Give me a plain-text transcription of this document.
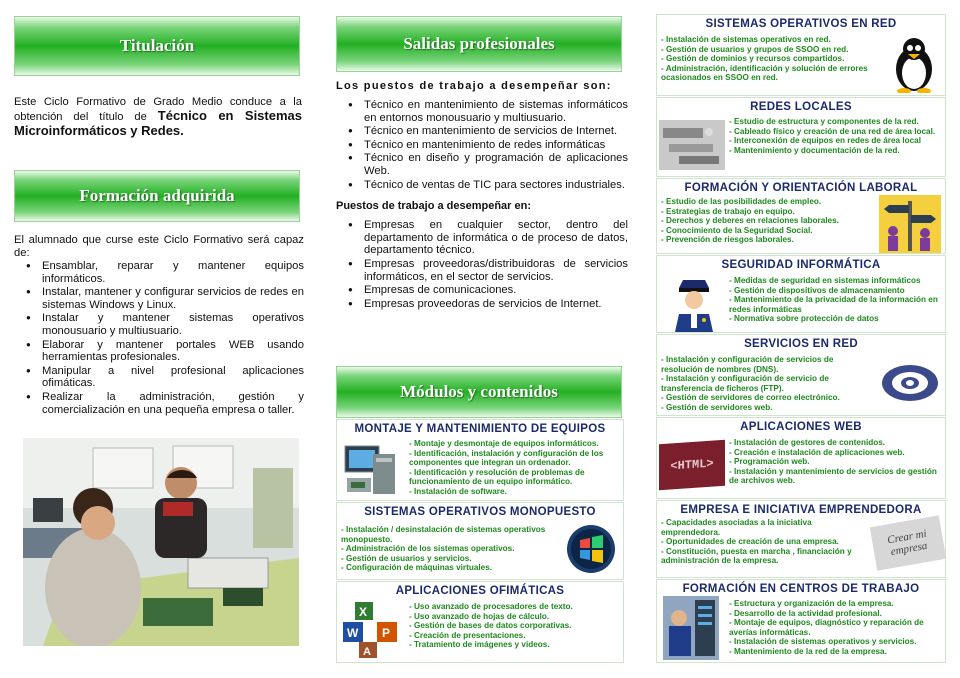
Titulación
Este Ciclo Formativo de Grado Medio conduce a la obtención del título de Técnico en Sistemas Microinformáticos y Redes.
Formación adquirida
El alumnado que curse este Ciclo Formativo será capaz de:
● Ensamblar, reparar y mantener equipos informáticos.
● Instalar, mantener y configurar servicios de redes en sistemas Windows y Linux.
● Instalar y mantener sistemas operativos monousuario y multiusuario.
● Elaborar y mantener portales WEB usando herramientas profesionales.
● Manipular a nivel profesional aplicaciones ofimáticas.
● Realizar la administración, gestión y comercialización en una pequeña empresa o taller.
Salidas profesionales
Los puestos de trabajo a desempeñar son:
● Técnico en mantenimiento de sistemas informáticos en entornos monousuario y multiusuario.
● Técnico en mantenimiento de servicios de Internet.
● Técnico en mantenimiento de redes informáticas
● Técnico en diseño y programación de aplicaciones Web.
● Técnico de ventas de TIC para sectores industriales.
Puestos de trabajo a desempeñar en:
● Empresas en cualquier sector, dentro del departamento de informática o de proceso de datos, departamento técnico.
● Empresas proveedoras/distribuidoras de servicios informáticos, en el sector de servicios.
● Empresas de comunicaciones.
● Empresas proveedoras de servicios de Internet.
Módulos y contenidos
MONTAJE Y MANTENIMIENTO DE EQUIPOS
- Montaje y desmontaje de equipos informáticos.
- Identificación, instalación y configuración de los componentes que integran un ordenador.
- Identificación y resolución de problemas de funcionamiento de un equipo informático.
- Instalación de software.
SISTEMAS OPERATIVOS MONOPUESTO
- Instalación / desinstalación de sistemas operativos monopuesto.
- Administración de los sistemas operativos.
- Gestión de usuarios y servicios.
- Configuración de máquinas virtuales.
APLICACIONES OFIMÁTICAS
- Uso avanzado de procesadores de texto.
- Uso avanzado de hojas de cálculo.
- Gestión de bases de datos corporativas.
- Creación de presentaciones.
- Tratamiento de imágenes y vídeos.
X
W P
A
SISTEMAS OPERATIVOS EN RED
- Instalación de sistemas operativos en red.
- Gestión de usuarios y grupos de SSOO en red.
- Gestión de dominios y recursos compartidos.
- Administración, identificación y solución de errores ocasionados en SSOO en red.
REDES LOCALES
- Estudio de estructura y componentes de la red.
- Cableado físico y creación de una red de área local.
- Interconexión de equipos en redes de área local
- Mantenimiento y documentación de la red.
FORMACIÓN Y ORIENTACIÓN LABORAL
- Estudio de las posibilidades de empleo.
- Estrategias de trabajo en equipo.
- Derechos y deberes en relaciones laborales.
- Conocimiento de la Seguridad Social.
- Prevención de riesgos laborales.
SEGURIDAD INFORMÁTICA
- Medidas de seguridad en sistemas informáticos
- Gestión de dispositivos de almacenamiento
- Mantenimiento de la privacidad de la información en redes informáticas
- Normativa sobre protección de datos
SERVICIOS EN RED
- Instalación y configuración de servicios de resolución de nombres (DNS).
- Instalación y configuración de servicio de transferencia de ficheros (FTP).
- Gestión de servidores de correo electrónico.
- Gestión de servidores web.
APLICACIONES WEB
- Instalación de gestores de contenidos.
- Creación e instalación de aplicaciones web.
- Programación web.
- Instalación y mantenimiento de servicios de gestión de archivos web.
<HTML>
EMPRESA E INICIATIVA EMPRENDEDORA
- Capacidades asociadas a la iniciativa emprendedora.
- Oportunidades de creación de una empresa.
- Constitución, puesta en marcha , financiación y administración de la empresa.
Crear mi empresa
FORMACIÓN EN CENTROS DE TRABAJO
- Estructura y organización de la empresa.
- Desarrollo de la actividad profesional.
- Montaje de equipos, diagnóstico y reparación de averías informáticas.
- Instalación de sistemas operativos y servicios.
- Mantenimiento de la red de la empresa.
